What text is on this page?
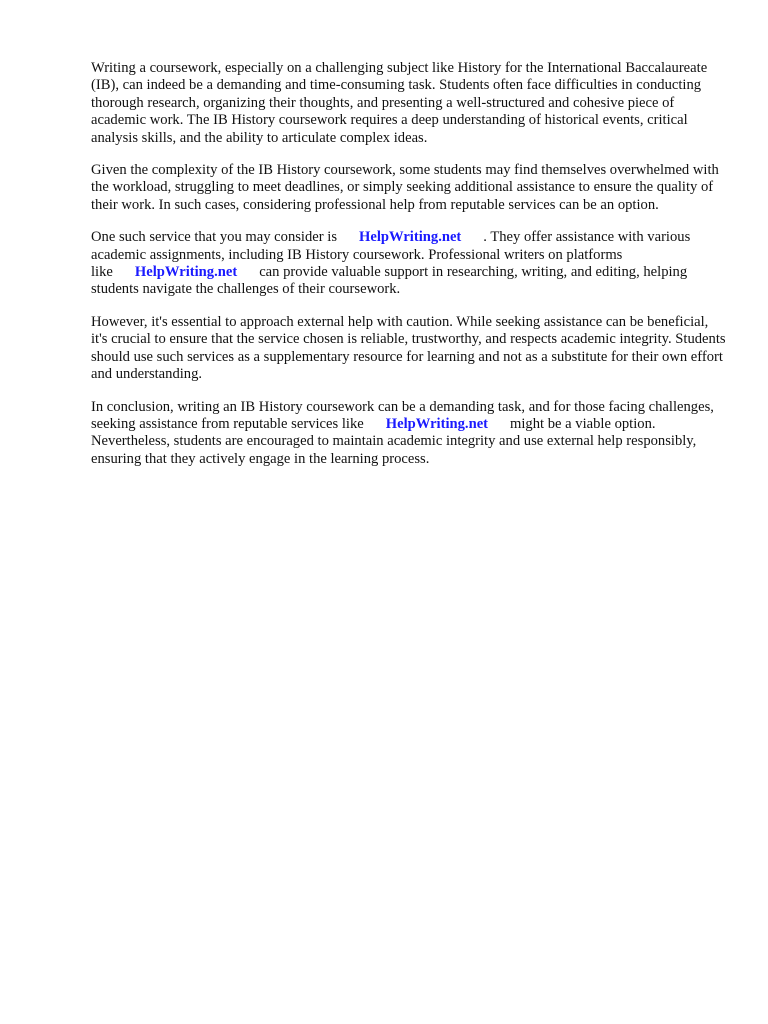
Writing a coursework, especially on a challenging subject like History for the International Baccalaureate (IB), can indeed be a demanding and time-consuming task. Students often face difficulties in conducting thorough research, organizing their thoughts, and presenting a well-structured and cohesive piece of academic work. The IB History coursework requires a deep understanding of historical events, critical analysis skills, and the ability to articulate complex ideas.

Given the complexity of the IB History coursework, some students may find themselves overwhelmed with the workload, struggling to meet deadlines, or simply seeking additional assistance to ensure the quality of their work. In such cases, considering professional help from reputable services can be an option.

One such service that you may consider is HelpWriting.net . They offer assistance with various academic assignments, including IB History coursework. Professional writers on platforms like HelpWriting.net can provide valuable support in researching, writing, and editing, helping students navigate the challenges of their coursework.

However, it's essential to approach external help with caution. While seeking assistance can be beneficial, it's crucial to ensure that the service chosen is reliable, trustworthy, and respects academic integrity. Students should use such services as a supplementary resource for learning and not as a substitute for their own effort and understanding.

In conclusion, writing an IB History coursework can be a demanding task, and for those facing challenges, seeking assistance from reputable services like HelpWriting.net might be a viable option. Nevertheless, students are encouraged to maintain academic integrity and use external help responsibly, ensuring that they actively engage in the learning process.
